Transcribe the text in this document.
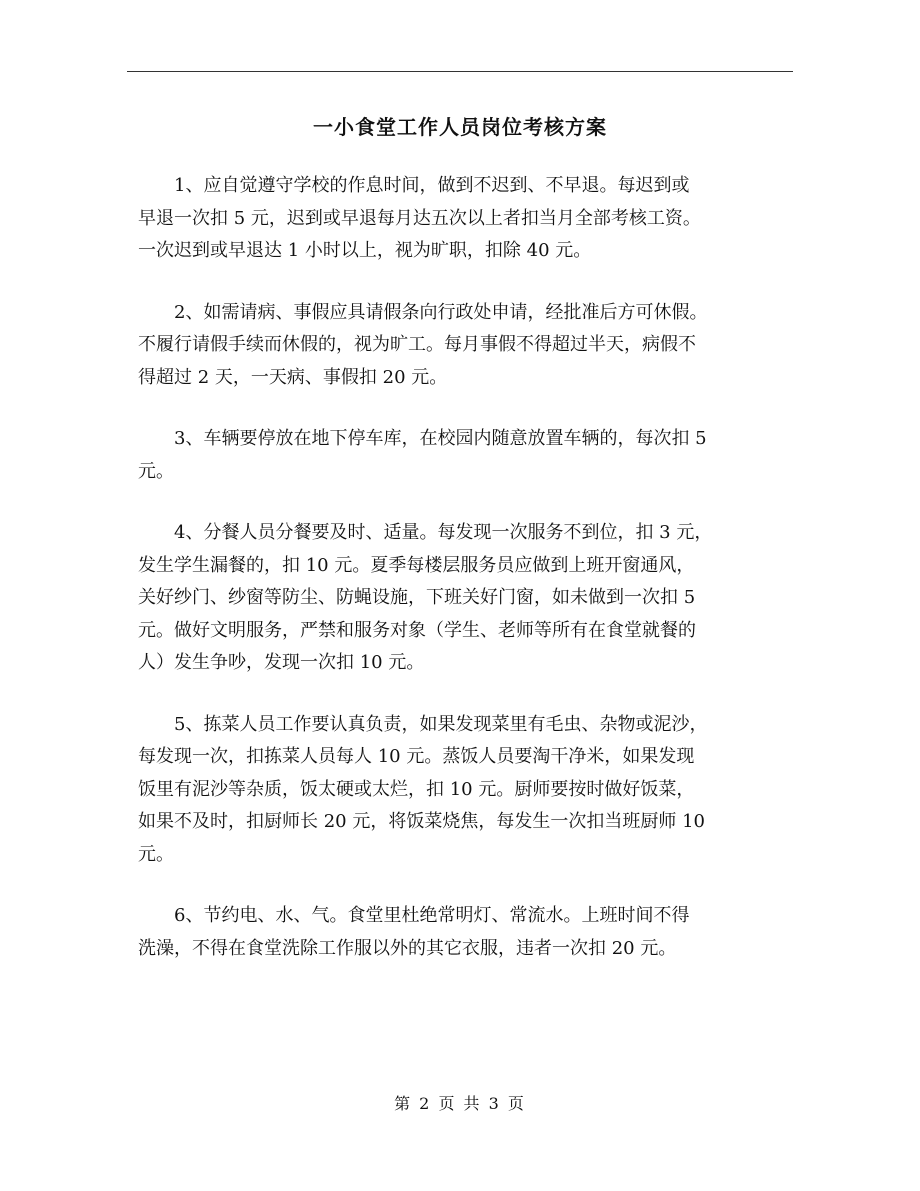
一小食堂工作人员岗位考核方案

1、应自觉遵守学校的作息时间，做到不迟到、不早退。每迟到或
早退一次扣 5 元，迟到或早退每月达五次以上者扣当月全部考核工资。
一次迟到或早退达 1 小时以上，视为旷职，扣除 40 元。

2、如需请病、事假应具请假条向行政处申请，经批准后方可休假。
不履行请假手续而休假的，视为旷工。每月事假不得超过半天，病假不
得超过 2 天，一天病、事假扣 20 元。

3、车辆要停放在地下停车库，在校园内随意放置车辆的，每次扣 5
元。

4、分餐人员分餐要及时、适量。每发现一次服务不到位，扣 3 元，
发生学生漏餐的，扣 10 元。夏季每楼层服务员应做到上班开窗通风，
关好纱门、纱窗等防尘、防蝇设施，下班关好门窗，如未做到一次扣 5
元。做好文明服务，严禁和服务对象（学生、老师等所有在食堂就餐的
人）发生争吵，发现一次扣 10 元。

5、拣菜人员工作要认真负责，如果发现菜里有毛虫、杂物或泥沙，
每发现一次，扣拣菜人员每人 10 元。蒸饭人员要淘干净米，如果发现
饭里有泥沙等杂质，饭太硬或太烂，扣 10 元。厨师要按时做好饭菜，
如果不及时，扣厨师长 20 元，将饭菜烧焦，每发生一次扣当班厨师 10
元。

6、节约电、水、气。食堂里杜绝常明灯、常流水。上班时间不得
洗澡，不得在食堂洗除工作服以外的其它衣服，违者一次扣 20 元。

第 2 页 共 3 页
